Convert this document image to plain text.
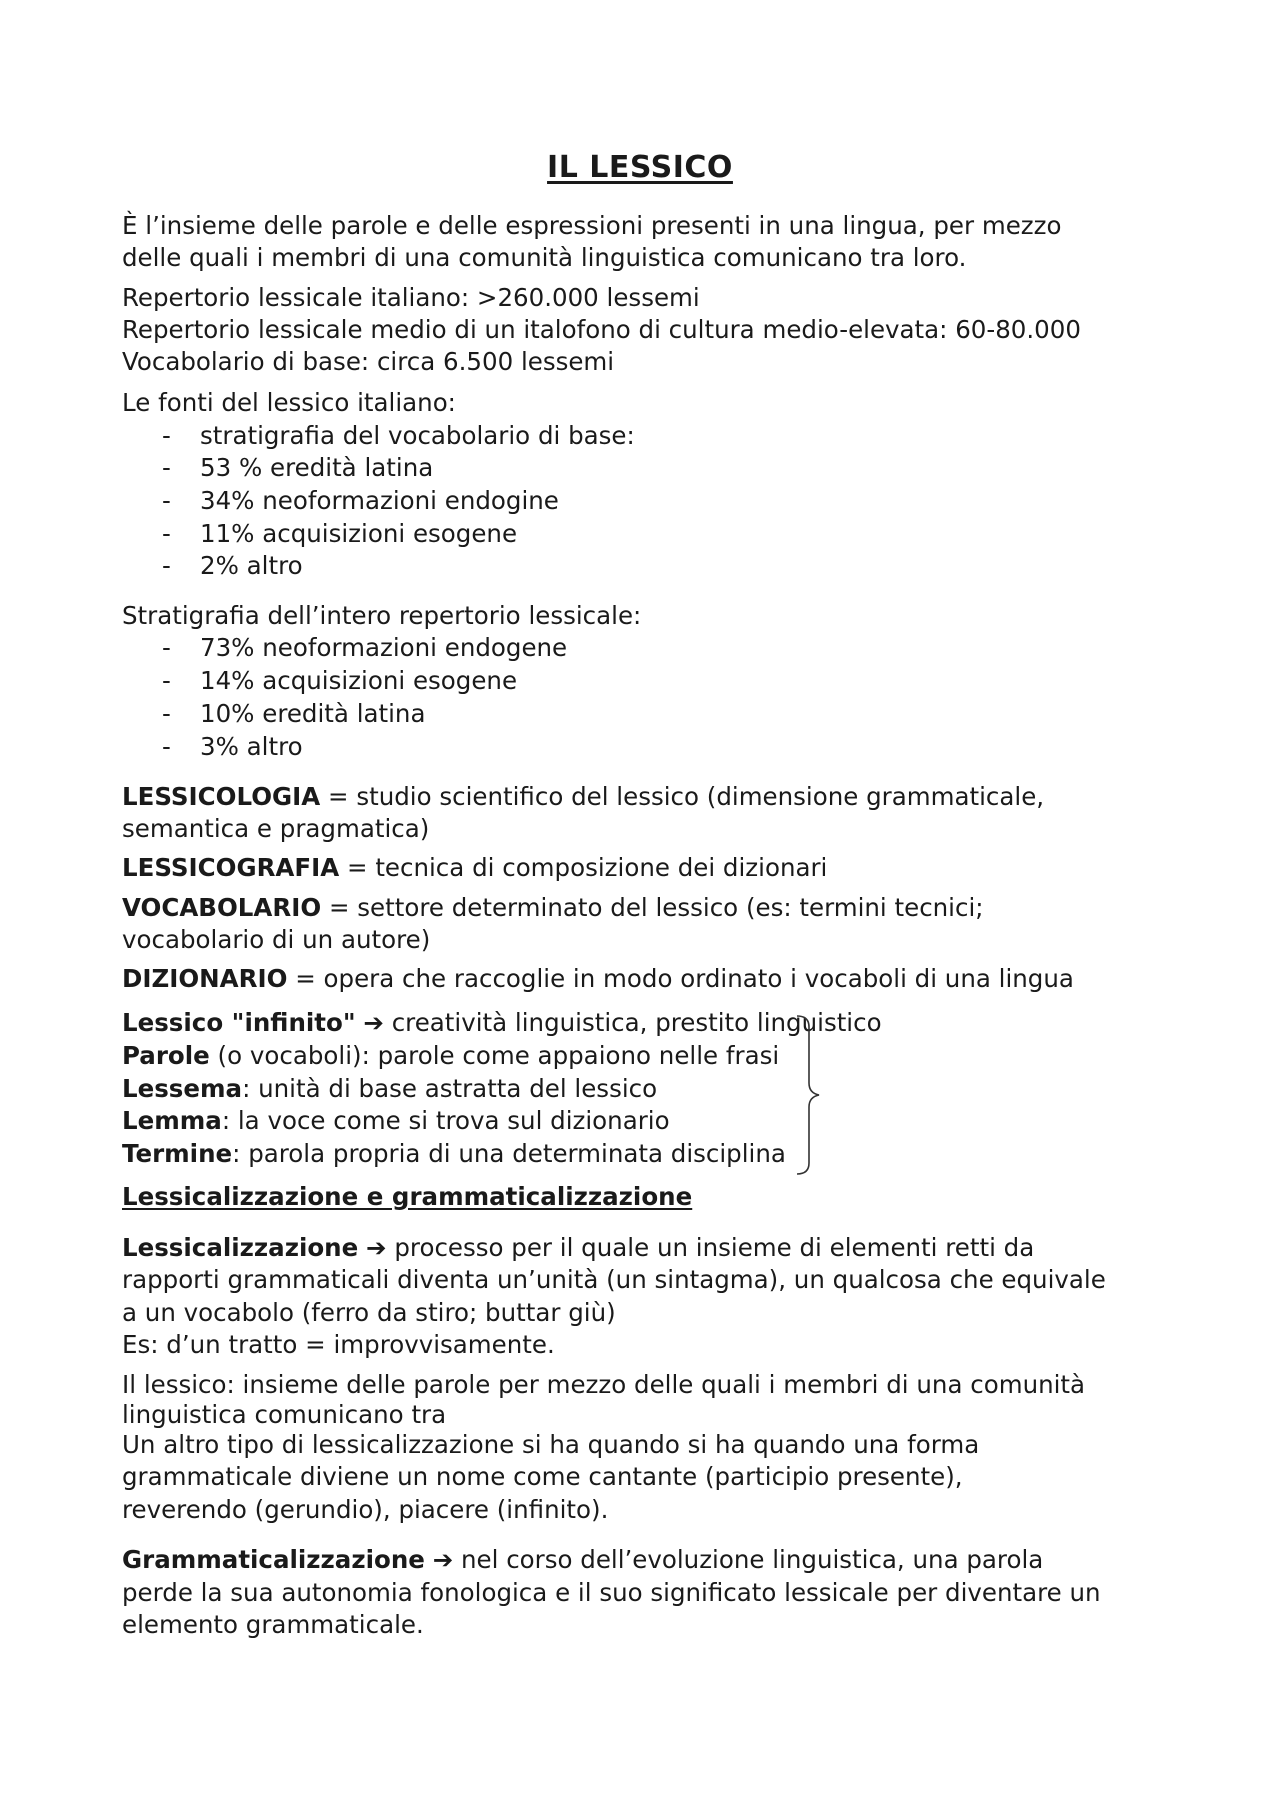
IL LESSICO
È l’insieme delle parole e delle espressioni presenti in una lingua, per mezzo
delle quali i membri di una comunità linguistica comunicano tra loro.
Repertorio lessicale italiano: >260.000 lessemi
Repertorio lessicale medio di un italofono di cultura medio-elevata: 60-80.000
Vocabolario di base: circa 6.500 lessemi
Le fonti del lessico italiano:
- stratigrafia del vocabolario di base:
- 53 % eredità latina
- 34% neoformazioni endogine
- 11% acquisizioni esogene
- 2% altro
Stratigrafia dell’intero repertorio lessicale:
- 73% neoformazioni endogene
- 14% acquisizioni esogene
- 10% eredità latina
- 3% altro
LESSICOLOGIA = studio scientifico del lessico (dimensione grammaticale,
semantica e pragmatica)
LESSICOGRAFIA = tecnica di composizione dei dizionari
VOCABOLARIO = settore determinato del lessico (es: termini tecnici;
vocabolario di un autore)
DIZIONARIO = opera che raccoglie in modo ordinato i vocaboli di una lingua
Lessico "infinito" ➔ creatività linguistica, prestito linguistico
Parole (o vocaboli): parole come appaiono nelle frasi
Lessema: unità di base astratta del lessico
Lemma: la voce come si trova sul dizionario
Termine: parola propria di una determinata disciplina
Lessicalizzazione e grammaticalizzazione
Lessicalizzazione ➔ processo per il quale un insieme di elementi retti da
rapporti grammaticali diventa un’unità (un sintagma), un qualcosa che equivale
a un vocabolo (ferro da stiro; buttar giù)
Es: d’un tratto = improvvisamente.
Il lessico: insieme delle parole per mezzo delle quali i membri di una comunità
linguistica comunicano tra
Un altro tipo di lessicalizzazione si ha quando si ha quando una forma
grammaticale diviene un nome come cantante (participio presente),
reverendo (gerundio), piacere (infinito).
Grammaticalizzazione ➔ nel corso dell’evoluzione linguistica, una parola
perde la sua autonomia fonologica e il suo significato lessicale per diventare un
elemento grammaticale.
